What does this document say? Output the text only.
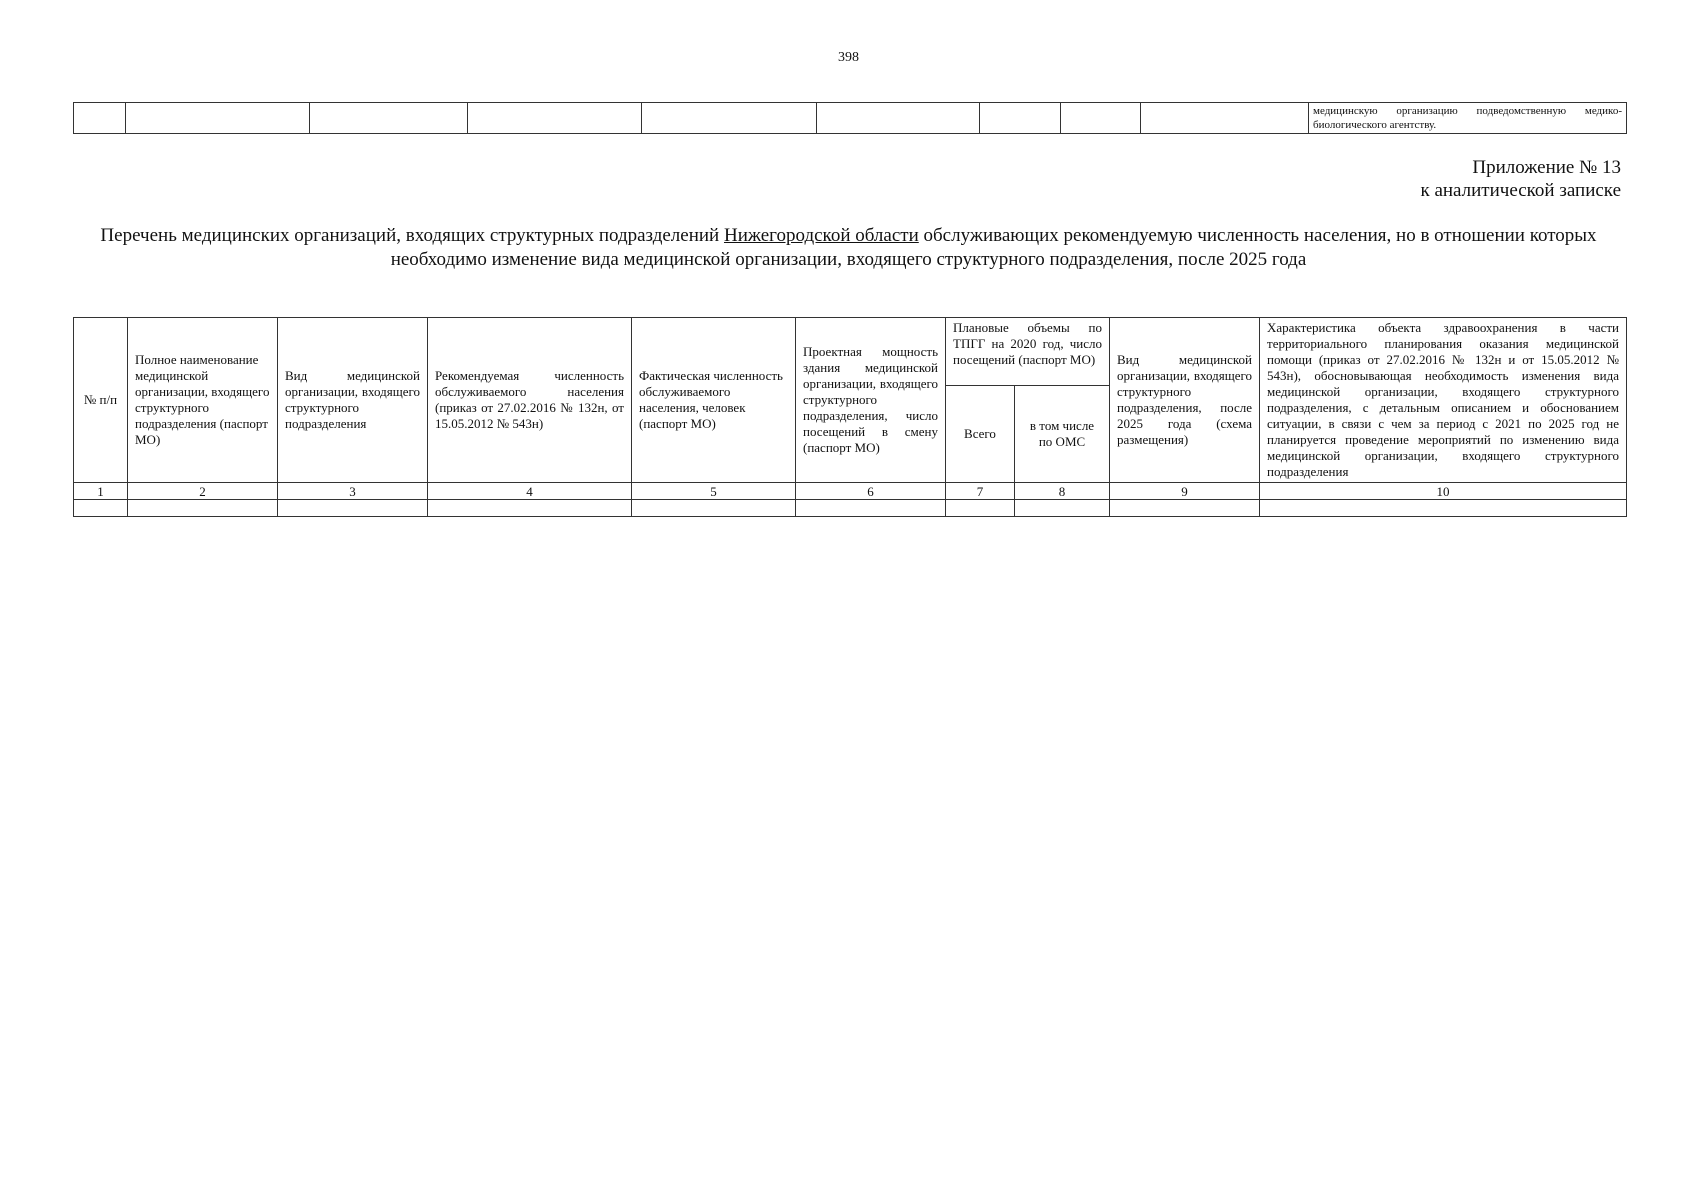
398
									медицинскую организацию подведомственную медико-биологического агентству.
Приложение № 13
к аналитической записке
Перечень медицинских организаций, входящих структурных подразделений Нижегородской области обслуживающих рекомендуемую численность населения, но в отношении которых необходимо изменение вида медицинской организации, входящего структурного подразделения, после 2025 года
№ п/п	Полное наименование медицинской организации, входящего структурного подразделения (паспорт МО)	Вид медицинской организации, входящего структурного подразделения	Рекомендуемая численность обслуживаемого населения (приказ от 27.02.2016 № 132н, от 15.05.2012 № 543н)	Фактическая численность обслуживаемого населения, человек (паспорт МО)	Проектная мощность здания медицинской организации, входящего структурного подразделения, число посещений в смену (паспорт МО)	Плановые объемы по ТПГГ на 2020 год, число посещений (паспорт МО)		Вид медицинской организации, входящего структурного подразделения, после 2025 года (схема размещения)	Характеристика объекта здравоохранения в части территориального планирования оказания медицинской помощи (приказ от 27.02.2016 № 132н и от 15.05.2012 № 543н), обосновывающая необходимость изменения вида медицинской организации, входящего структурного подразделения, с детальным описанием и обоснованием ситуации, в связи с чем за период с 2021 по 2025 год не планируется проведение мероприятий по изменению вида медицинской организации, входящего структурного подразделения
						Всего	в том числе по ОМС		
1	2	3	4	5	6	7	8	9	10
